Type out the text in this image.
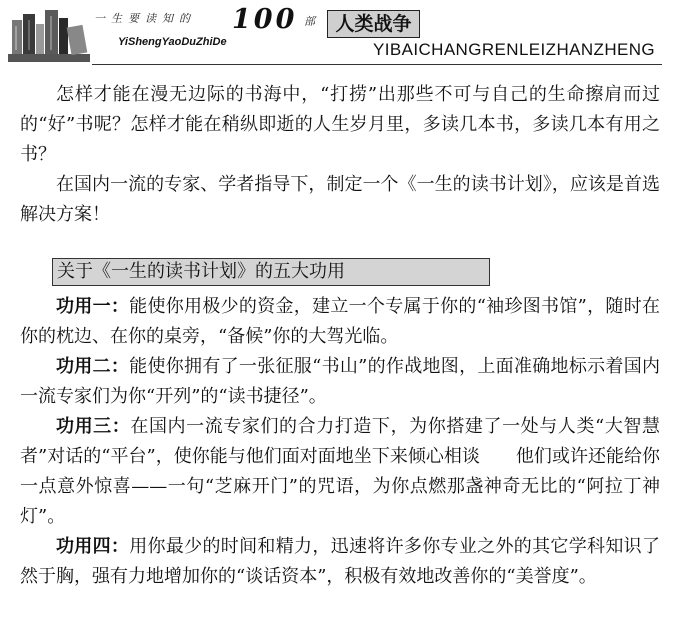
一生要读知的 100 部
YiShengYaoDuZhiDe
人类战争
YIBAICHANGRENLEIZHANZHENG

怎样才能在漫无边际的书海中，“打捞”出那些不可与自己的生命擦肩而过的“好”书呢？怎样才能在稍纵即逝的人生岁月里，多读几本书，多读几本有用之书？

在国内一流的专家、学者指导下，制定一个《一生的读书计划》，应该是首选解决方案！

关于《一生的读书计划》的五大功用

功用一：能使你用极少的资金，建立一个专属于你的“袖珍图书馆”，随时在你的枕边、在你的桌旁，“备候”你的大驾光临。

功用二：能使你拥有了一张征服“书山”的作战地图，上面准确地标示着国内一流专家们为你“开列”的“读书捷径”。

功用三：在国内一流专家们的合力打造下，为你搭建了一处与人类“大智慧者”对话的“平台”，使你能与他们面对面地坐下来倾心相谈　　他们或许还能给你一点意外惊喜——一句“芝麻开门”的咒语，为你点燃那盏神奇无比的“阿拉丁神灯”。

功用四：用你最少的时间和精力，迅速将许多你专业之外的其它学科知识了然于胸，强有力地增加你的“谈话资本”，积极有效地改善你的“美誉度”。
